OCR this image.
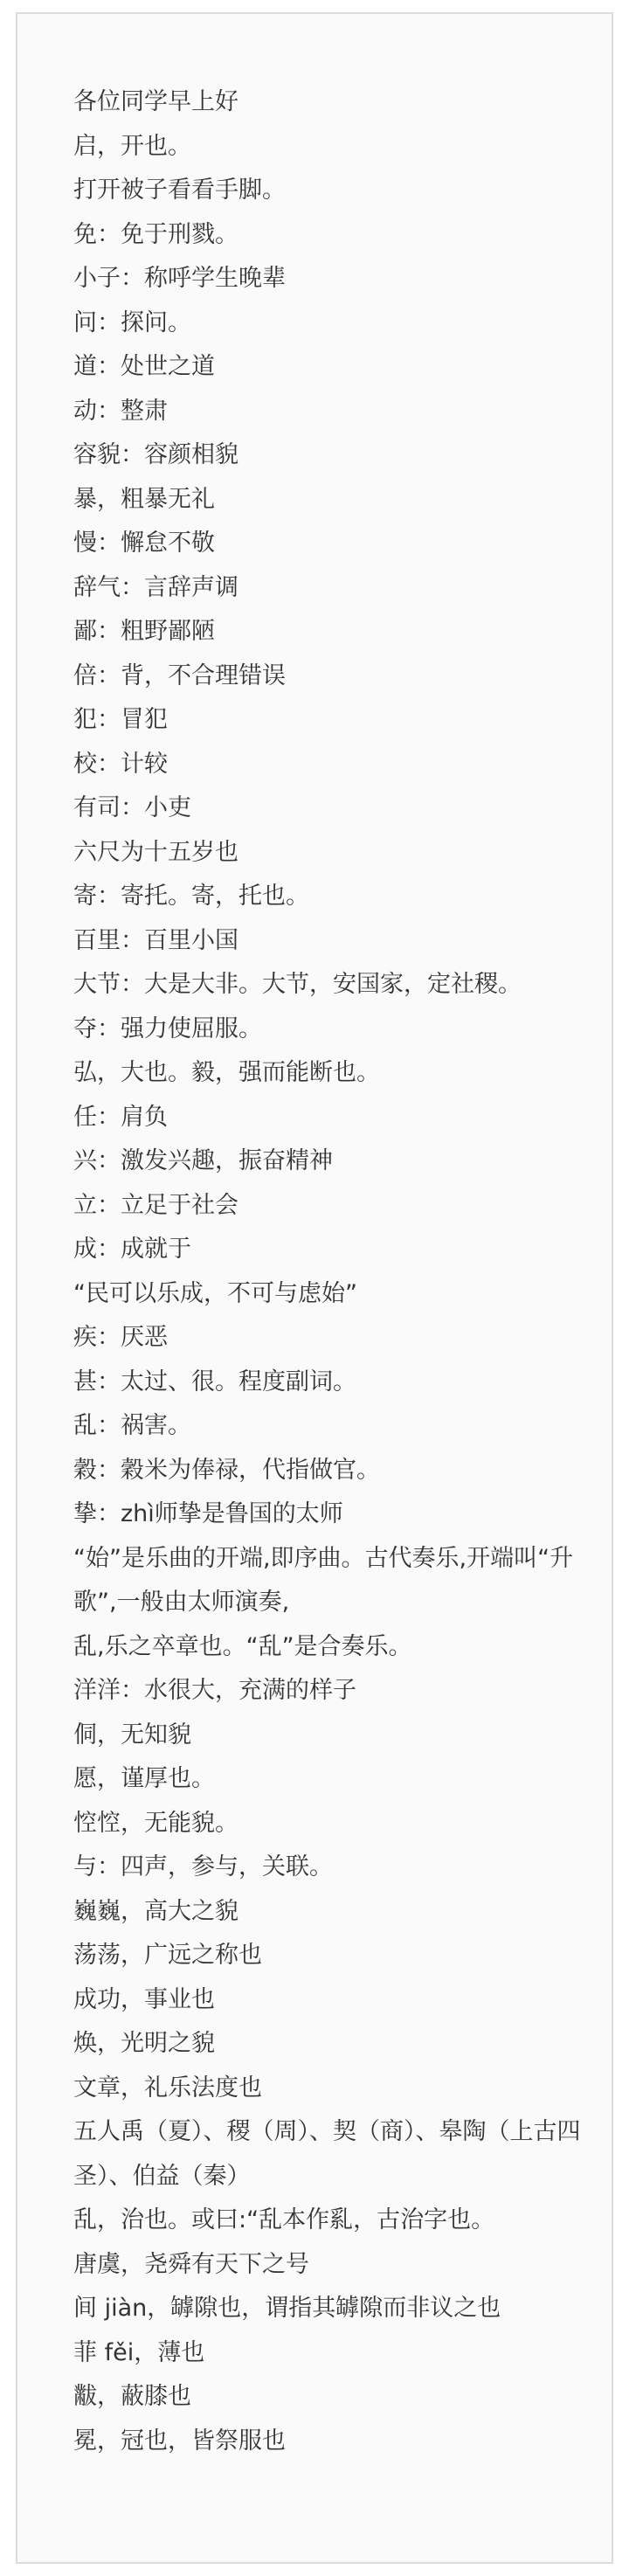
各位同学早上好

启，开也。

打开被子看看手脚。

免：免于刑戮。

小子：称呼学生晚辈

问：探问。

道：处世之道

动：整肃

容貌：容颜相貌

暴，粗暴无礼

慢：懈怠不敬

辞气：言辞声调

鄙：粗野鄙陋

倍：背，不合理错误

犯：冒犯

校：计较

有司：小吏

六尺为十五岁也

寄：寄托。寄，托也。

百里：百里小国

大节：大是大非。大节，安国家，定社稷。

夺：强力使屈服。

弘，大也。毅，强而能断也。

任：肩负

兴：激发兴趣，振奋精神

立：立足于社会

成：成就于

“民可以乐成，不可与虑始”

疾：厌恶

甚：太过、很。程度副词。

乱：祸害。

穀：穀米为俸禄，代指做官。

挚：zhì师挚是鲁国的太师

“始”是乐曲的开端,即序曲。古代奏乐,开端叫“升歌”,一般由太师演奏,

乱,乐之卒章也。“乱”是合奏乐。

洋洋：水很大，充满的样子

侗，无知貌

愿，谨厚也。

悾悾，无能貌。

与：四声，参与，关联。

巍巍，高大之貌

荡荡，广远之称也

成功，事业也

焕，光明之貌

文章，礼乐法度也

五人禹（夏）、稷（周）、契（商）、皋陶（上古四圣）、伯益（秦）

乱，治也。或曰:“乱本作乿，古治字也。

唐虞，尧舜有天下之号

间 jiàn，罅隙也，谓指其罅隙而非议之也

菲 fěi，薄也

黻，蔽膝也

冕，冠也，皆祭服也
